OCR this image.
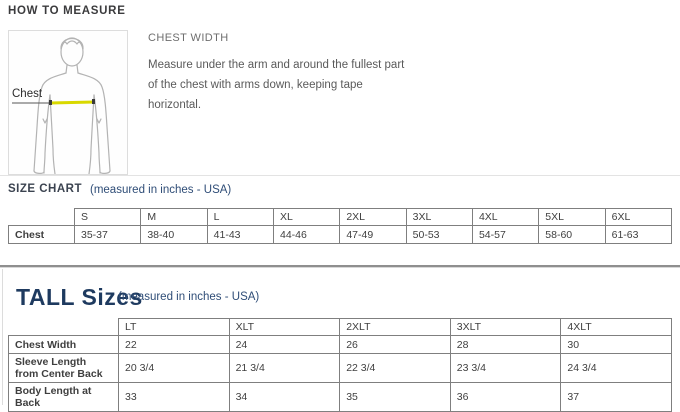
HOW TO MEASURE
Chest
CHEST WIDTH
Measure under the arm and around the fullest part
of the chest with arms down, keeping tape
horizontal.
SIZE CHART (measured in inches - USA)
	S	M	L	XL	2XL	3XL	4XL	5XL	6XL
Chest	35-37	38-40	41-43	44-46	47-49	50-53	54-57	58-60	61-63
TALL Sizes
(measured in inches - USA)
	LT	XLT	2XLT	3XLT	4XLT
Chest Width	22	24	26	28	30
Sleeve Length from Center Back	20 3/4	21 3/4	22 3/4	23 3/4	24 3/4
Body Length at Back	33	34	35	36	37
